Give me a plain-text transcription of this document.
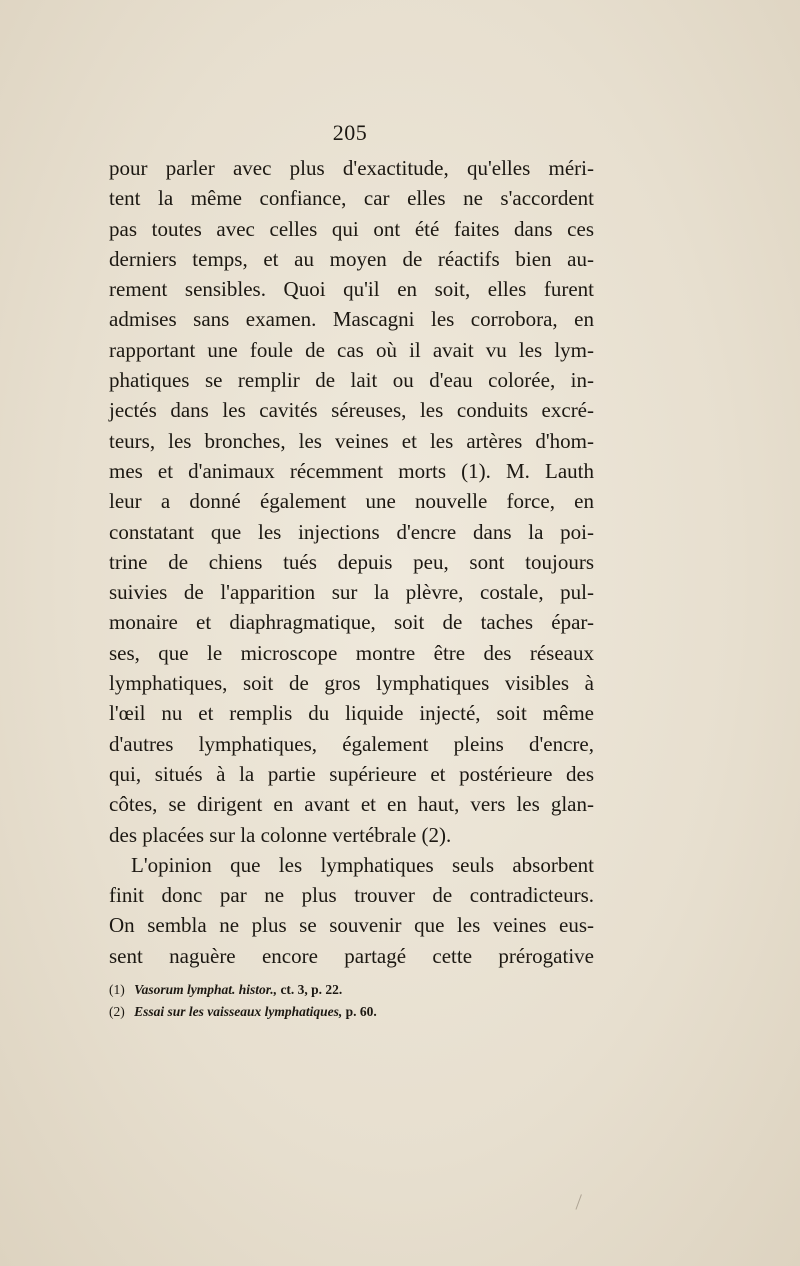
205
pour parler avec plus d'exactitude, qu'elles méri-
tent la même confiance, car elles ne s'accordent
pas toutes avec celles qui ont été faites dans ces
derniers temps, et au moyen de réactifs bien au-
rement sensibles. Quoi qu'il en soit, elles furent
admises sans examen. Mascagni les corrobora, en
rapportant une foule de cas où il avait vu les lym-
phatiques se remplir de lait ou d'eau colorée, in-
jectés dans les cavités séreuses, les conduits excré-
teurs, les bronches, les veines et les artères d'hom-
mes et d'animaux récemment morts (1). M. Lauth
leur a donné également une nouvelle force, en
constatant que les injections d'encre dans la poi-
trine de chiens tués depuis peu, sont toujours
suivies de l'apparition sur la plèvre, costale, pul-
monaire et diaphragmatique, soit de taches épar-
ses, que le microscope montre être des réseaux
lymphatiques, soit de gros lymphatiques visibles à
l'œil nu et remplis du liquide injecté, soit même
d'autres lymphatiques, également pleins d'encre,
qui, situés à la partie supérieure et postérieure des
côtes, se dirigent en avant et en haut, vers les glan-
des placées sur la colonne vertébrale (2).
L'opinion que les lymphatiques seuls absorbent
finit donc par ne plus trouver de contradicteurs.
On sembla ne plus se souvenir que les veines eus-
sent naguère encore partagé cette prérogative
(1) Vasorum lymphat. histor., ct. 3, p. 22.
(2) Essai sur les vaisseaux lymphatiques, p. 60.
